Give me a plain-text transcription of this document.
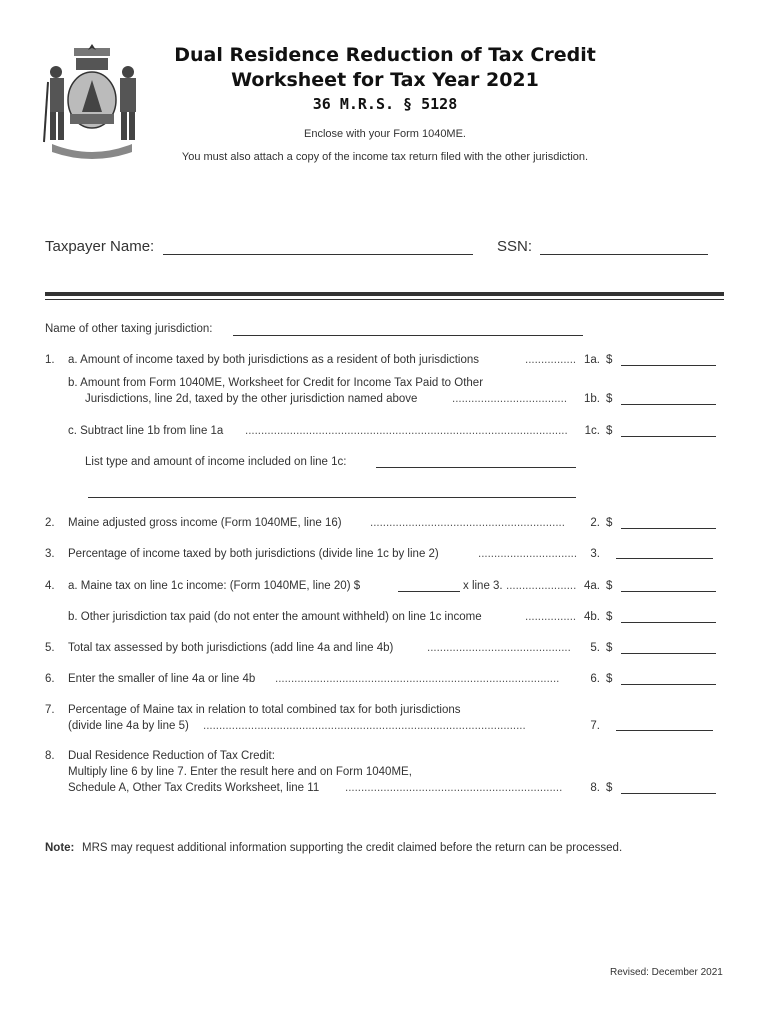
Dual Residence Reduction of Tax Credit
Worksheet for Tax Year 2021
36 M.R.S. § 5128
Enclose with your Form 1040ME.
You must also attach a copy of the income tax return filed with the other jurisdiction.
Taxpayer Name:	SSN:
Name of other taxing jurisdiction:
1. a. Amount of income taxed by both jurisdictions as a resident of both jurisdictions	................ 1a. $
b. Amount from Form 1040ME, Worksheet for Credit for Income Tax Paid to Other
Jurisdictions, line 2d, taxed by the other jurisdiction named above	....................................	1b. $
c. Subtract line 1b from line 1a .....................................................................................................	1c. $
List type and amount of income included on line 1c:
2. Maine adjusted gross income (Form 1040ME, line 16) .............................................................	2. $
3. Percentage of income taxed by both jurisdictions (divide line 1c by line 2)	...............................	3.
4. a. Maine tax on line 1c income: (Form 1040ME, line 20) $	x line 3. ...................... 4a. $
b. Other jurisdiction tax paid (do not enter the amount withheld) on line 1c income	................ 4b. $
5. Total tax assessed by both jurisdictions (add line 4a and line 4b)	.............................................	5. $
6. Enter the smaller of line 4a or line 4b .........................................................................................	6. $
7. Percentage of Maine tax in relation to total combined tax for both jurisdictions
(divide line 4a by line 5) .....................................................................................................	7.
8. Dual Residence Reduction of Tax Credit:
Multiply line 6 by line 7. Enter the result here and on Form 1040ME,
Schedule A, Other Tax Credits Worksheet, line 11 ....................................................................	8. $
Note: MRS may request additional information supporting the credit claimed before the return can be processed.
Revised: December 2021
